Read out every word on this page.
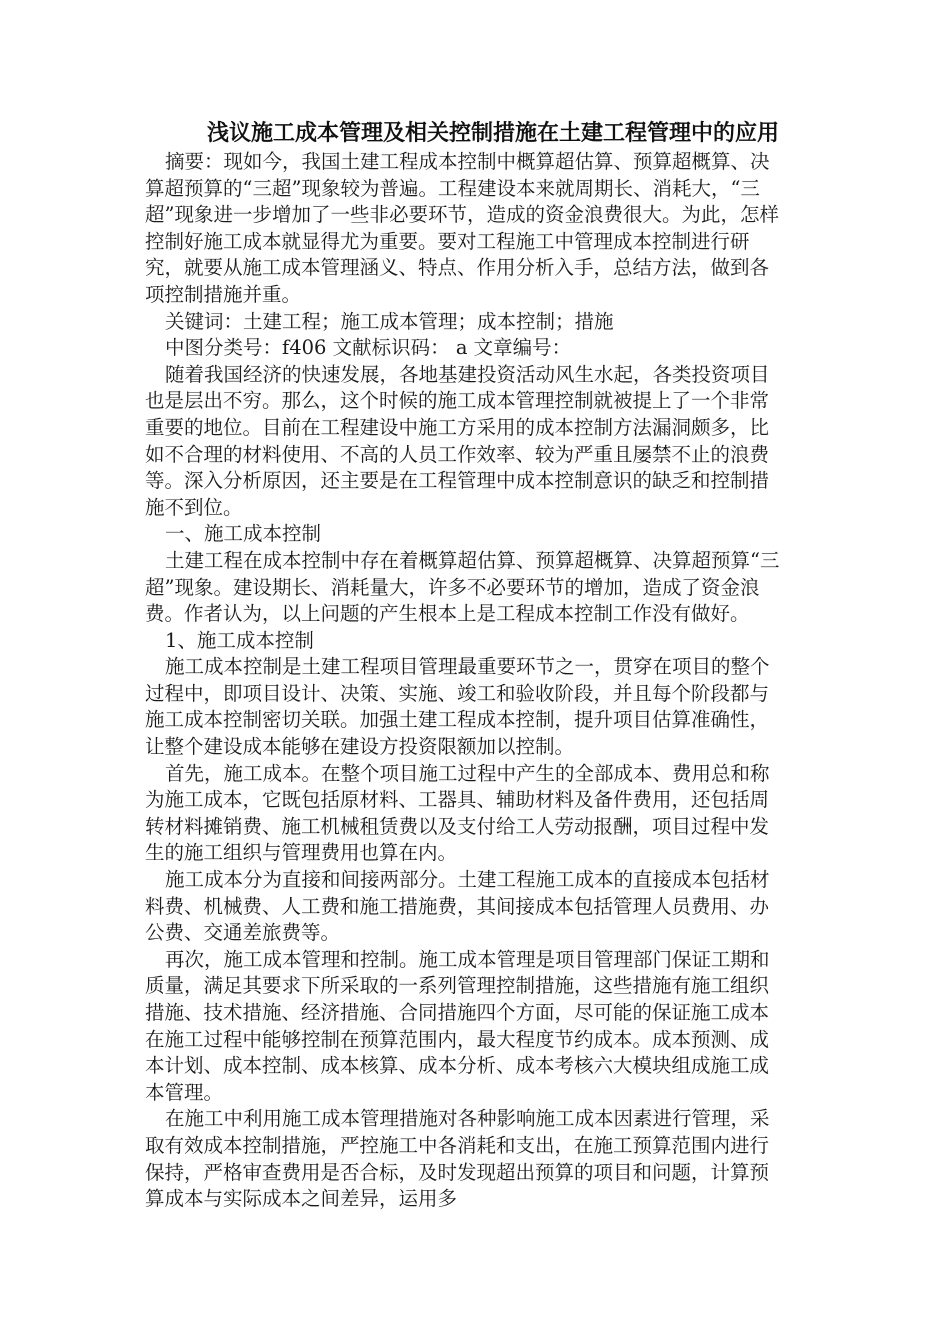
浅议施工成本管理及相关控制措施在土建工程管理中的应用

摘要：现如今，我国土建工程成本控制中概算超估算、预算超概算、决算超预算的“三超”现象较为普遍。工程建设本来就周期长、消耗大，“三超”现象进一步增加了一些非必要环节，造成的资金浪费很大。为此，怎样控制好施工成本就显得尤为重要。要对工程施工中管理成本控制进行研究，就要从施工成本管理涵义、特点、作用分析入手，总结方法，做到各项控制措施并重。

关键词：土建工程；施工成本管理；成本控制；措施

中图分类号：f406 文献标识码： a 文章编号：

随着我国经济的快速发展，各地基建投资活动风生水起，各类投资项目也是层出不穷。那么，这个时候的施工成本管理控制就被提上了一个非常重要的地位。目前在工程建设中施工方采用的成本控制方法漏洞颇多，比如不合理的材料使用、不高的人员工作效率、较为严重且屡禁不止的浪费等。深入分析原因，还主要是在工程管理中成本控制意识的缺乏和控制措施不到位。

一、施工成本控制

土建工程在成本控制中存在着概算超估算、预算超概算、决算超预算“三超”现象。建设期长、消耗量大，许多不必要环节的增加，造成了资金浪费。作者认为，以上问题的产生根本上是工程成本控制工作没有做好。

1、施工成本控制

施工成本控制是土建工程项目管理最重要环节之一，贯穿在项目的整个过程中，即项目设计、决策、实施、竣工和验收阶段，并且每个阶段都与施工成本控制密切关联。加强土建工程成本控制，提升项目估算准确性，让整个建设成本能够在建设方投资限额加以控制。

首先，施工成本。在整个项目施工过程中产生的全部成本、费用总和称为施工成本，它既包括原材料、工器具、辅助材料及备件费用，还包括周转材料摊销费、施工机械租赁费以及支付给工人劳动报酬，项目过程中发生的施工组织与管理费用也算在内。

施工成本分为直接和间接两部分。土建工程施工成本的直接成本包括材料费、机械费、人工费和施工措施费，其间接成本包括管理人员费用、办公费、交通差旅费等。

再次，施工成本管理和控制。施工成本管理是项目管理部门保证工期和质量，满足其要求下所采取的一系列管理控制措施，这些措施有施工组织措施、技术措施、经济措施、合同措施四个方面，尽可能的保证施工成本在施工过程中能够控制在预算范围内，最大程度节约成本。成本预测、成本计划、成本控制、成本核算、成本分析、成本考核六大模块组成施工成本管理。

在施工中利用施工成本管理措施对各种影响施工成本因素进行管理，采取有效成本控制措施，严控施工中各消耗和支出，在施工预算范围内进行保持，严格审查费用是否合标，及时发现超出预算的项目和问题，计算预算成本与实际成本之间差异，运用多
